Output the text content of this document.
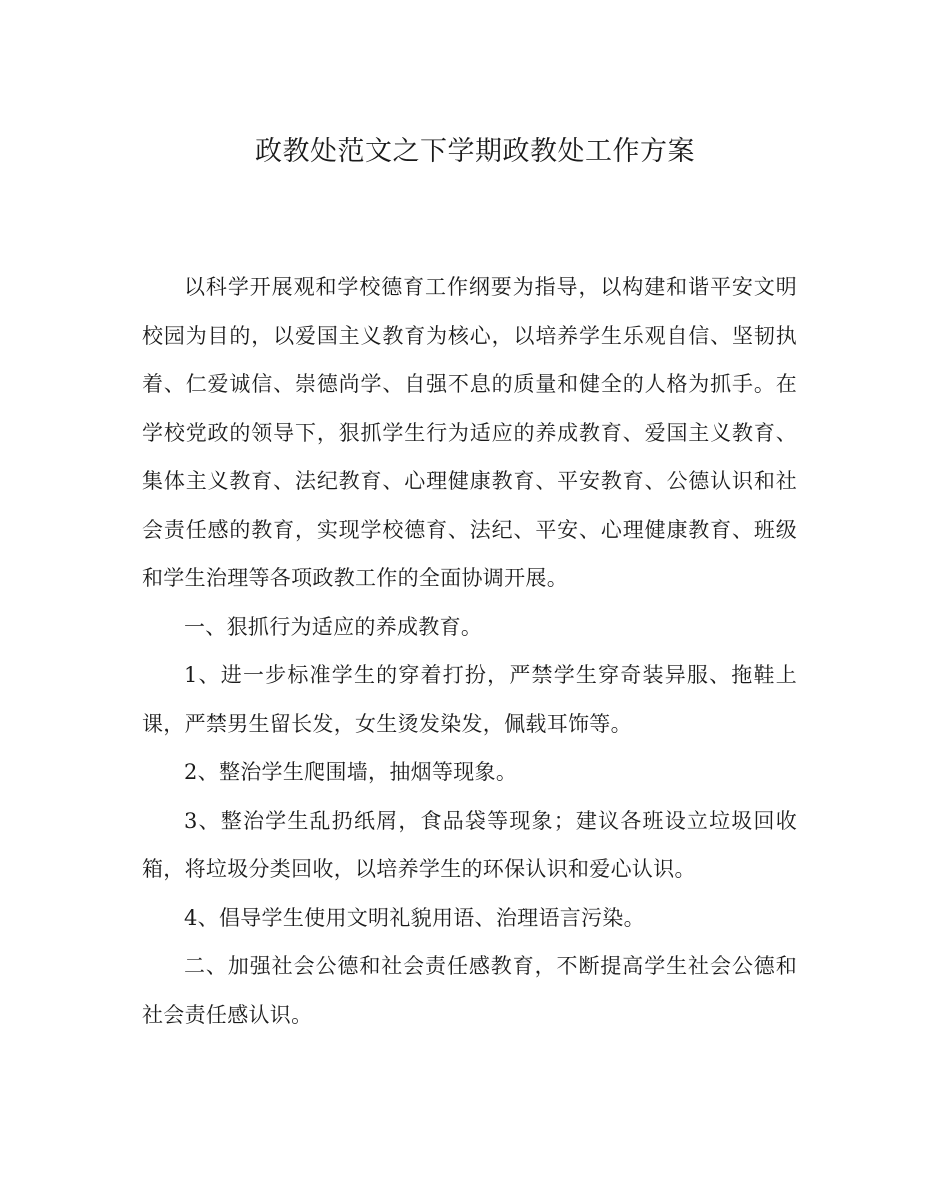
政教处范文之下学期政教处工作方案

以科学开展观和学校德育工作纲要为指导，以构建和谐平安文明校园为目的，以爱国主义教育为核心，以培养学生乐观自信、坚韧执着、仁爱诚信、崇德尚学、自强不息的质量和健全的人格为抓手。在学校党政的领导下，狠抓学生行为适应的养成教育、爱国主义教育、集体主义教育、法纪教育、心理健康教育、平安教育、公德认识和社会责任感的教育，实现学校德育、法纪、平安、心理健康教育、班级和学生治理等各项政教工作的全面协调开展。

一、狠抓行为适应的养成教育。

1、进一步标准学生的穿着打扮，严禁学生穿奇装异服、拖鞋上课，严禁男生留长发，女生烫发染发，佩载耳饰等。

2、整治学生爬围墙，抽烟等现象。

3、整治学生乱扔纸屑，食品袋等现象；建议各班设立垃圾回收箱，将垃圾分类回收，以培养学生的环保认识和爱心认识。

4、倡导学生使用文明礼貌用语、治理语言污染。

二、加强社会公德和社会责任感教育，不断提高学生社会公德和社会责任感认识。
